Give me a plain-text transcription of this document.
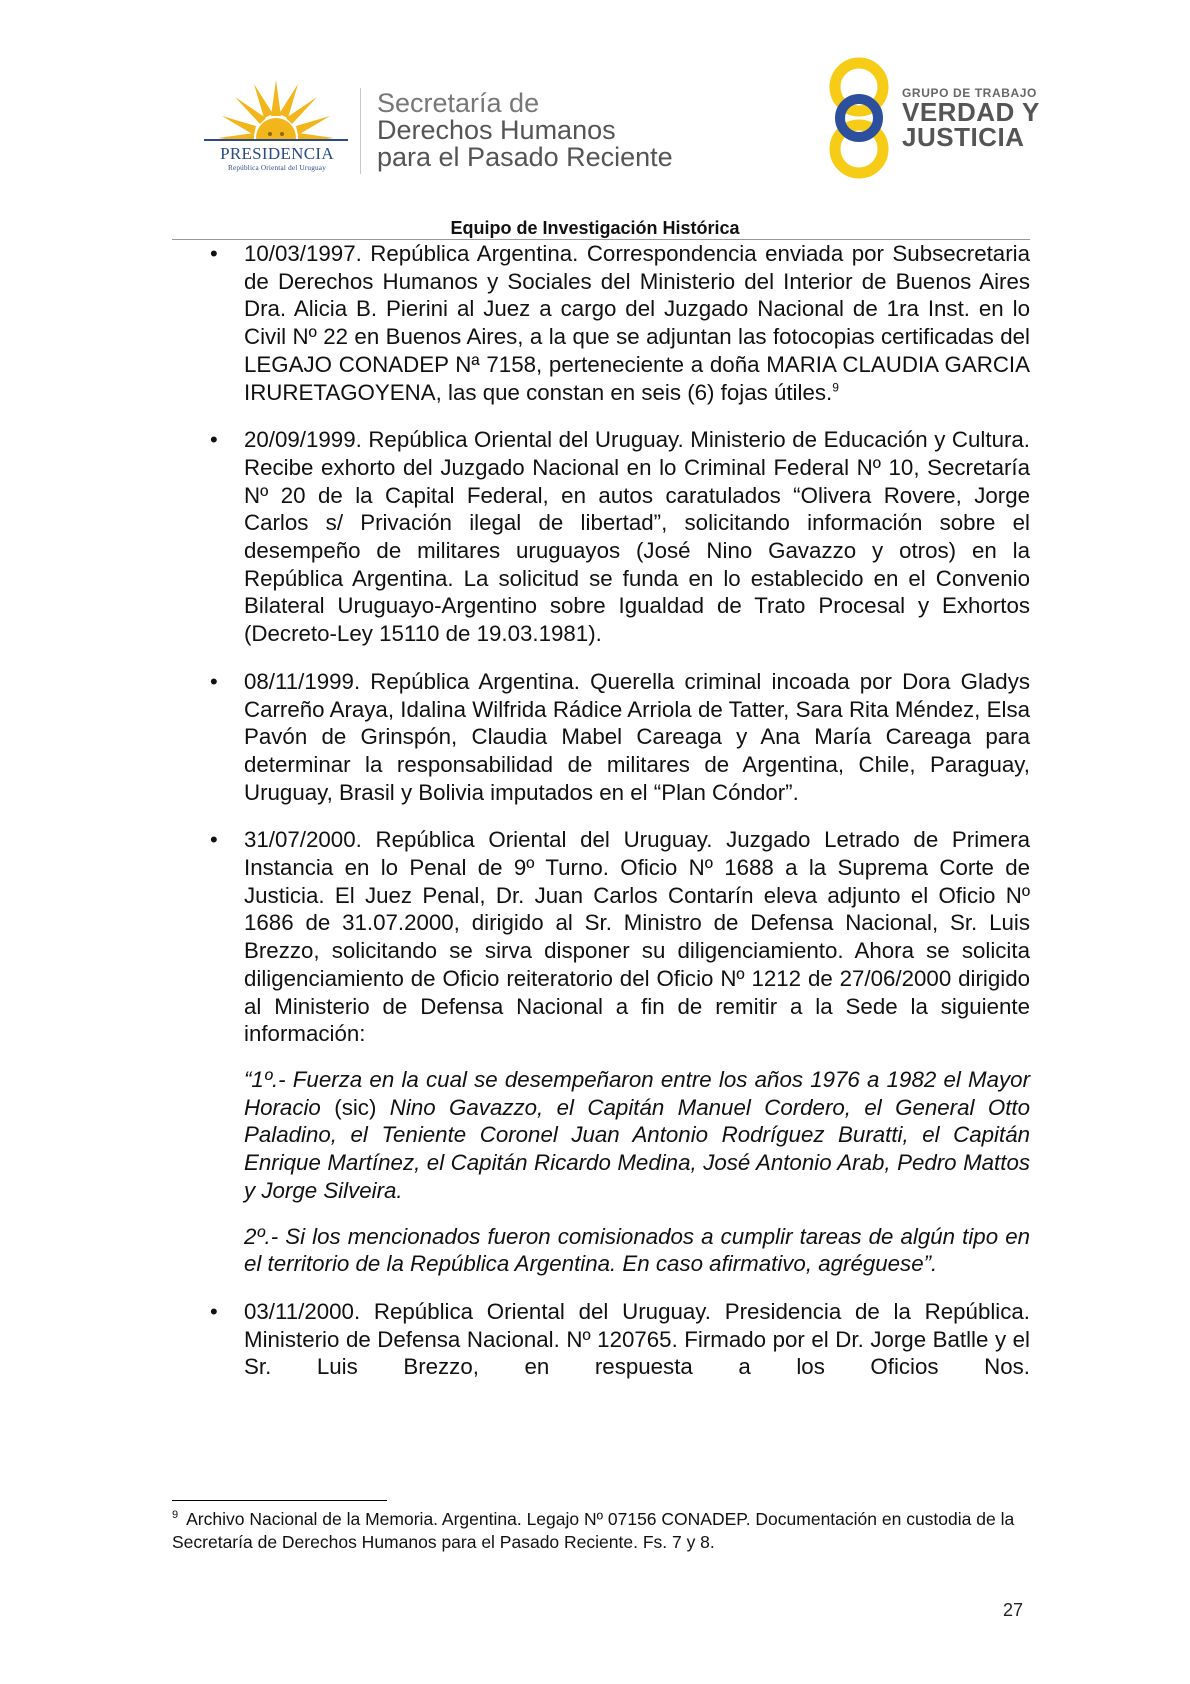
PRESIDENCIA
República Oriental del Uruguay
Secretaría de
Derechos Humanos
para el Pasado Reciente
GRUPO DE TRABAJO
VERDAD Y
JUSTICIA
Equipo de Investigación Histórica
• 10/03/1997. República Argentina. Correspondencia enviada por Subsecretaria de Derechos Humanos y Sociales del Ministerio del Interior de Buenos Aires Dra. Alicia B. Pierini al Juez a cargo del Juzgado Nacional de 1ra Inst. en lo Civil Nº 22 en Buenos Aires, a la que se adjuntan las fotocopias certificadas del LEGAJO CONADEP Nª 7158, perteneciente a doña MARIA CLAUDIA GARCIA IRURETAGOYENA, las que constan en seis (6) fojas útiles.$^9$

• 20/09/1999. República Oriental del Uruguay. Ministerio de Educación y Cultura. Recibe exhorto del Juzgado Nacional en lo Criminal Federal Nº 10, Secretaría Nº 20 de la Capital Federal, en autos caratulados “Olivera Rovere, Jorge Carlos s/ Privación ilegal de libertad”, solicitando información sobre el desempeño de militares uruguayos (José Nino Gavazzo y otros) en la República Argentina. La solicitud se funda en lo establecido en el Convenio Bilateral Uruguayo-Argentino sobre Igualdad de Trato Procesal y Exhortos (Decreto-Ley 15110 de 19.03.1981).

• 08/11/1999. República Argentina. Querella criminal incoada por Dora Gladys Carreño Araya, Idalina Wilfrida Rádice Arriola de Tatter, Sara Rita Méndez, Elsa Pavón de Grinspón, Claudia Mabel Careaga y Ana María Careaga para determinar la responsabilidad de militares de Argentina, Chile, Paraguay, Uruguay, Brasil y Bolivia imputados en el “Plan Cóndor”.

• 31/07/2000. República Oriental del Uruguay. Juzgado Letrado de Primera Instancia en lo Penal de 9º Turno. Oficio Nº 1688 a la Suprema Corte de Justicia. El Juez Penal, Dr. Juan Carlos Contarín eleva adjunto el Oficio Nº 1686 de 31.07.2000, dirigido al Sr. Ministro de Defensa Nacional, Sr. Luis Brezzo, solicitando se sirva disponer su diligenciamiento. Ahora se solicita diligenciamiento de Oficio reiteratorio del Oficio Nº 1212 de 27/06/2000 dirigido al Ministerio de Defensa Nacional a fin de remitir a la Sede la siguiente información:

“1º.- Fuerza en la cual se desempeñaron entre los años 1976 a 1982 el Mayor Horacio (sic) Nino Gavazzo, el Capitán Manuel Cordero, el General Otto Paladino, el Teniente Coronel Juan Antonio Rodríguez Buratti, el Capitán Enrique Martínez, el Capitán Ricardo Medina, José Antonio Arab, Pedro Mattos y Jorge Silveira.

2º.- Si los mencionados fueron comisionados a cumplir tareas de algún tipo en el territorio de la República Argentina. En caso afirmativo, agréguese”.

• 03/11/2000. República Oriental del Uruguay. Presidencia de la República. Ministerio de Defensa Nacional. Nº 120765. Firmado por el Dr. Jorge Batlle y el Sr. Luis Brezzo, en respuesta a los Oficios Nos.

$^9$ Archivo Nacional de la Memoria. Argentina. Legajo Nº 07156 CONADEP. Documentación en custodia de la Secretaría de Derechos Humanos para el Pasado Reciente. Fs. 7 y 8.
27
